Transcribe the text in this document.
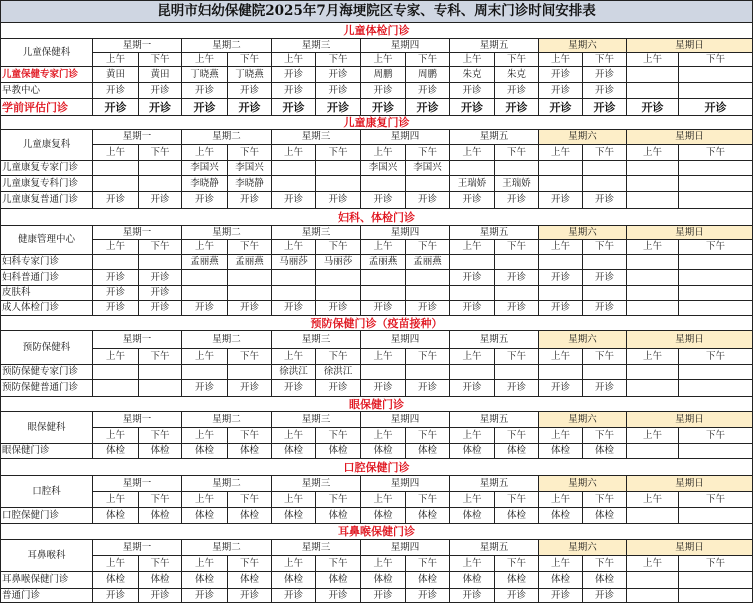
昆明市妇幼保健院2025年7月海埂院区专家、专科、周末门诊时间安排表														
儿童体检门诊														
儿童保健科	星期一		星期二		星期三		星期四		星期五		星期六		星期日	
	上午	下午	上午	下午	上午	下午	上午	下午	上午	下午	上午	下午	上午	下午
儿童保健专家门诊	黄田	黄田	丁晓燕	丁晓燕	开诊	开诊	周鹏	周鹏	朱克	朱克	开诊	开诊		
早教中心	开诊	开诊	开诊	开诊	开诊	开诊	开诊	开诊	开诊	开诊	开诊	开诊		
学前评估门诊	开诊	开诊	开诊	开诊	开诊	开诊	开诊	开诊	开诊	开诊	开诊	开诊	开诊	开诊
儿童康复门诊														
儿童康复科	星期一		星期二		星期三		星期四		星期五		星期六		星期日	
	上午	下午	上午	下午	上午	下午	上午	下午	上午	下午	上午	下午	上午	下午
儿童康复专家门诊			李国兴	李国兴			李国兴	李国兴						
儿童康复专科门诊			李晓静	李晓静					王瑞娇	王瑞娇				
儿童康复普通门诊	开诊	开诊	开诊	开诊	开诊	开诊	开诊	开诊	开诊	开诊	开诊	开诊		
妇科、体检门诊														
健康管理中心	星期一		星期二		星期三		星期四		星期五		星期六		星期日	
	上午	下午	上午	下午	上午	下午	上午	下午	上午	下午	上午	下午	上午	下午
妇科专家门诊			孟丽燕	孟丽燕	马丽莎	马丽莎	孟丽燕	孟丽燕						
妇科普通门诊	开诊	开诊							开诊	开诊	开诊	开诊		
皮肤科	开诊	开诊												
成人体检门诊	开诊	开诊	开诊	开诊	开诊	开诊	开诊	开诊	开诊	开诊	开诊	开诊		
预防保健门诊（疫苗接种）														
预防保健科	星期一		星期二		星期三		星期四		星期五		星期六		星期日	
	上午	下午	上午	下午	上午	下午	上午	下午	上午	下午	上午	下午	上午	下午
预防保健专家门诊					徐洪江	徐洪江								
预防保健普通门诊			开诊	开诊	开诊	开诊	开诊	开诊	开诊	开诊	开诊	开诊		
眼保健门诊														
眼保健科	星期一		星期二		星期三		星期四		星期五		星期六		星期日	
	上午	下午	上午	下午	上午	下午	上午	下午	上午	下午	上午	下午	上午	下午
眼保健门诊	体检	体检	体检	体检	体检	体检	体检	体检	体检	体检	体检	体检		
口腔保健门诊														
口腔科	星期一		星期二		星期三		星期四		星期五		星期六		星期日	
	上午	下午	上午	下午	上午	下午	上午	下午	上午	下午	上午	下午	上午	下午
口腔保健门诊	体检	体检	体检	体检	体检	体检	体检	体检	体检	体检	体检	体检		
耳鼻喉保健门诊														
耳鼻喉科	星期一		星期二		星期三		星期四		星期五		星期六		星期日	
	上午	下午	上午	下午	上午	下午	上午	下午	上午	下午	上午	下午	上午	下午
耳鼻喉保健门诊	体检	体检	体检	体检	体检	体检	体检	体检	体检	体检	体检	体检		
普通门诊	开诊	开诊	开诊	开诊	开诊	开诊	开诊	开诊	开诊	开诊	开诊	开诊		
